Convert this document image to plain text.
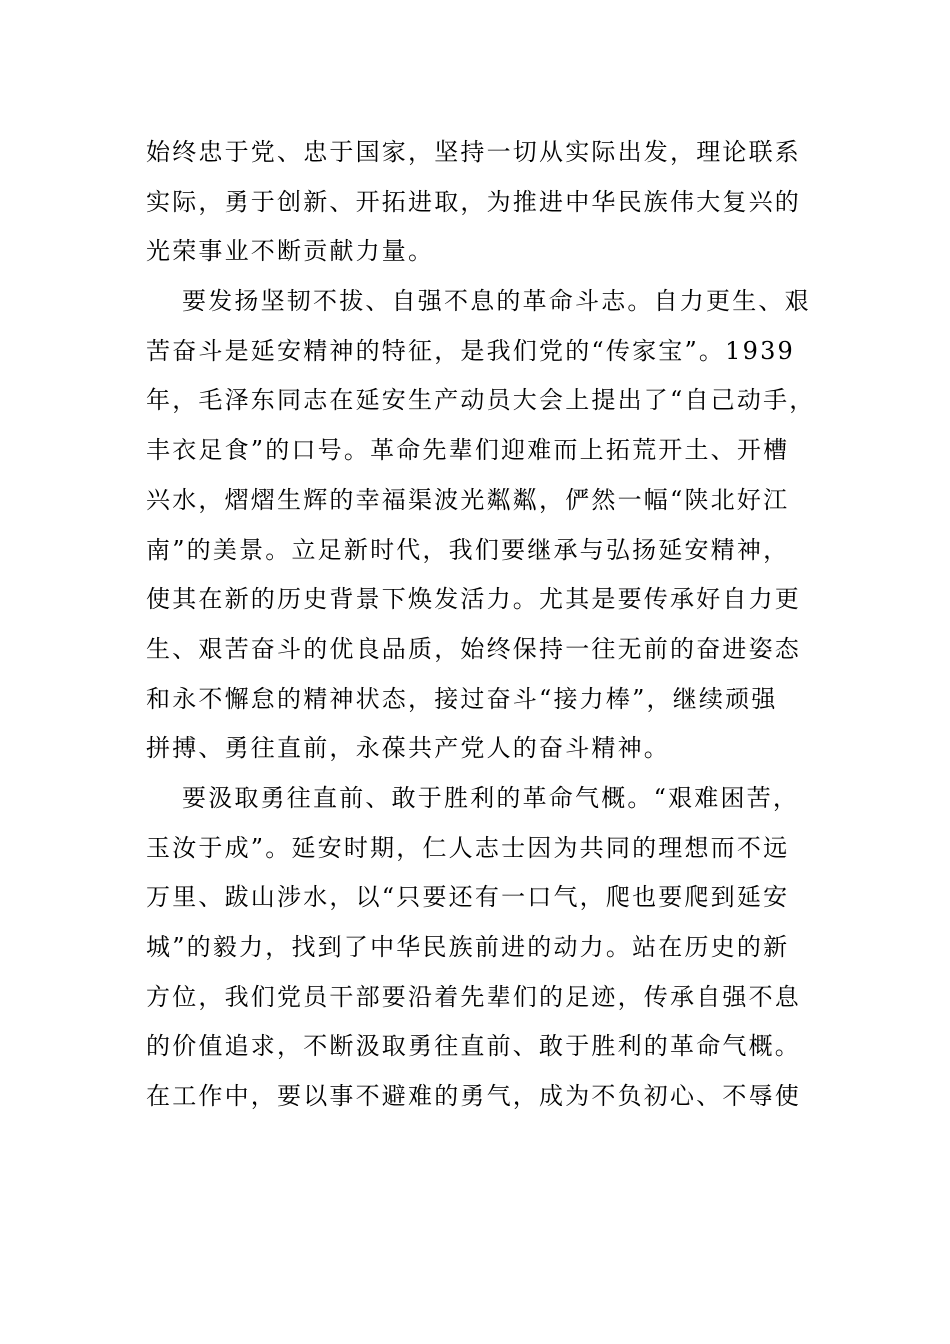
始终忠于党、忠于国家，坚持一切从实际出发，理论联系
实际，勇于创新、开拓进取，为推进中华民族伟大复兴的
光荣事业不断贡献力量。
要发扬坚韧不拔、自强不息的革命斗志。自力更生、艰
苦奋斗是延安精神的特征，是我们党的“传家宝”。1939
年，毛泽东同志在延安生产动员大会上提出了“自己动手，
丰衣足食”的口号。革命先辈们迎难而上拓荒开土、开槽
兴水，熠熠生辉的幸福渠波光粼粼，俨然一幅“陕北好江
南”的美景。立足新时代，我们要继承与弘扬延安精神，
使其在新的历史背景下焕发活力。尤其是要传承好自力更
生、艰苦奋斗的优良品质，始终保持一往无前的奋进姿态
和永不懈怠的精神状态，接过奋斗“接力棒”，继续顽强
拼搏、勇往直前，永葆共产党人的奋斗精神。
要汲取勇往直前、敢于胜利的革命气概。“艰难困苦，
玉汝于成”。延安时期，仁人志士因为共同的理想而不远
万里、跋山涉水，以“只要还有一口气，爬也要爬到延安
城”的毅力，找到了中华民族前进的动力。站在历史的新
方位，我们党员干部要沿着先辈们的足迹，传承自强不息
的价值追求，不断汲取勇往直前、敢于胜利的革命气概。
在工作中，要以事不避难的勇气，成为不负初心、不辱使
